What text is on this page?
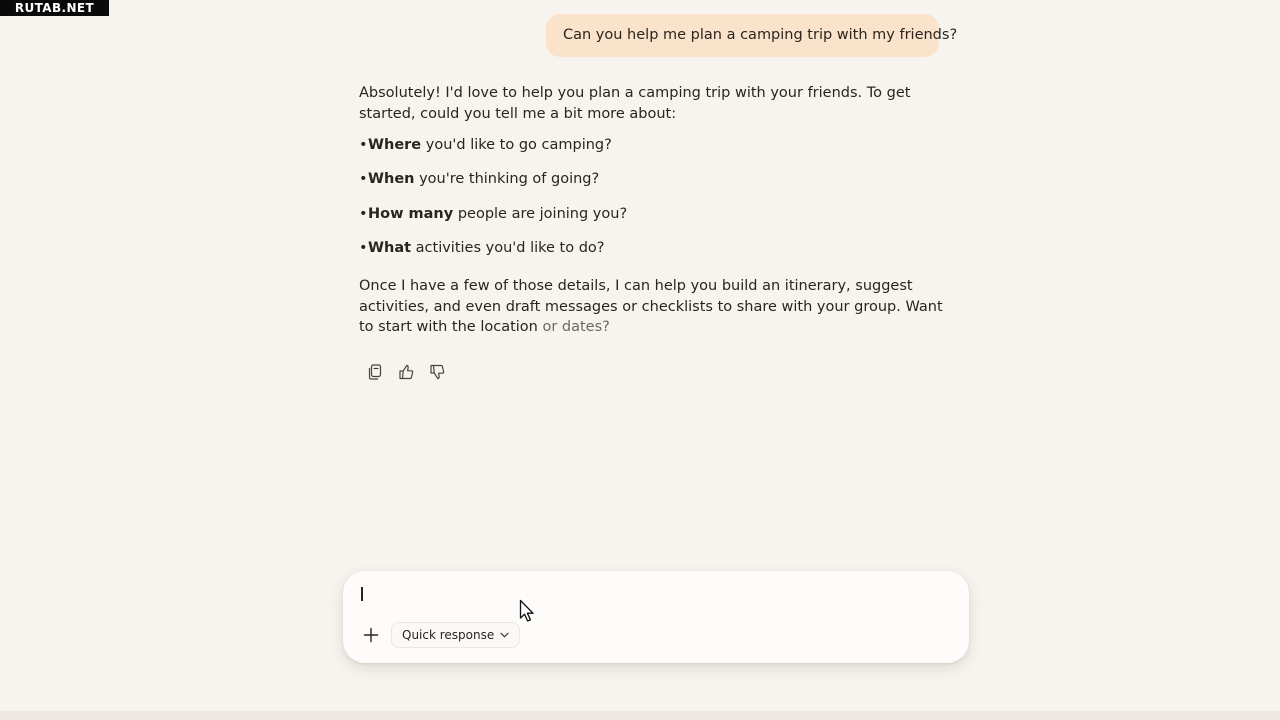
RUTAB.NET
Can you help me plan a camping trip with my friends?

Absolutely! I'd love to help you plan a camping trip with your friends. To get started, could you tell me a bit more about:

• Where you'd like to go camping?
• When you're thinking of going?
• How many people are joining you?
• What activities you'd like to do?

Once I have a few of those details, I can help you build an itinerary, suggest activities, and even draft messages or checklists to share with your group. Want to start with the location or dates?

Quick response
